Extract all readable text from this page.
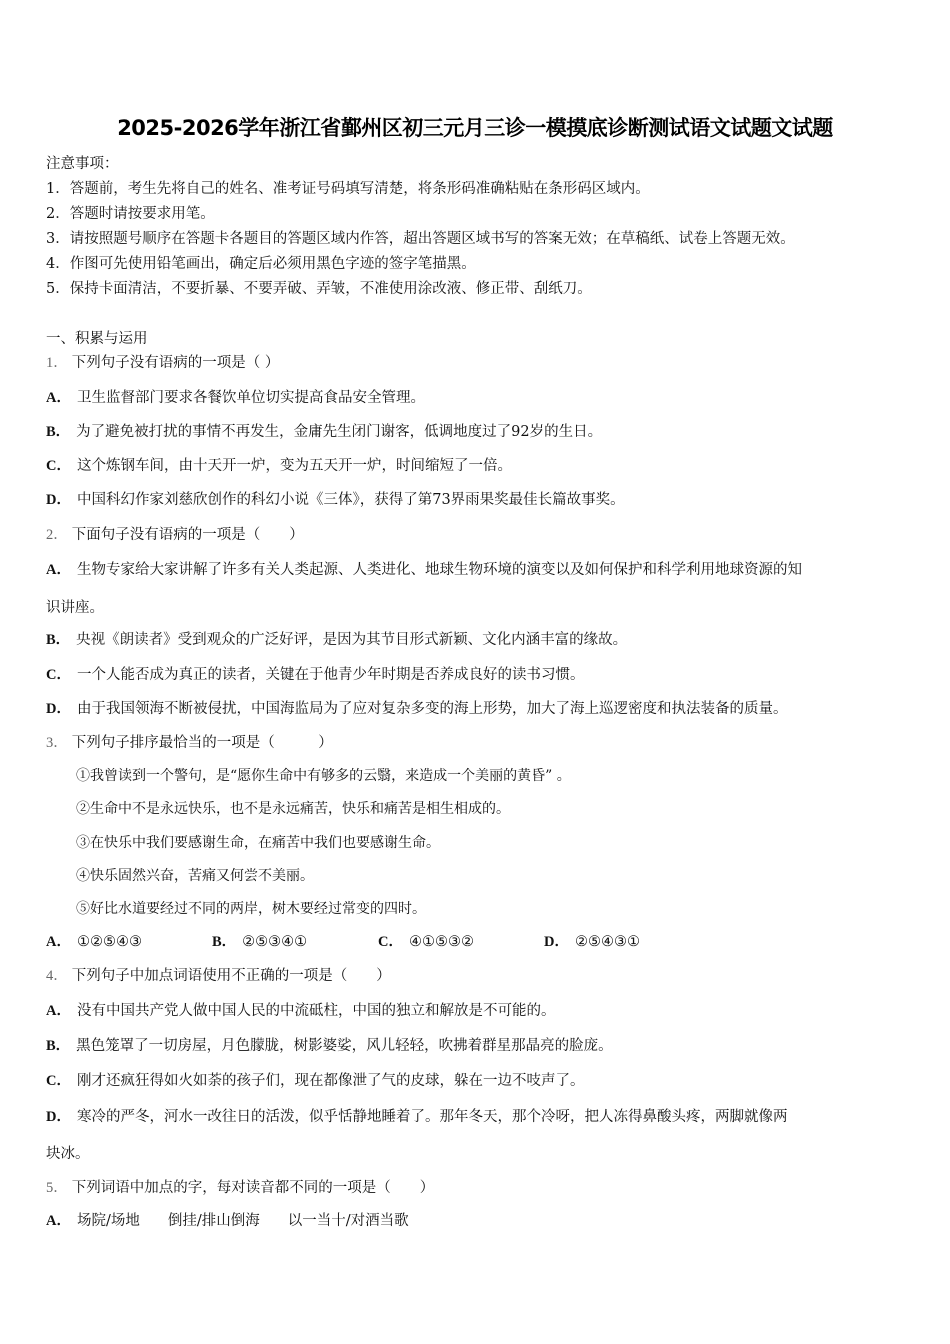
2025-2026学年浙江省鄞州区初三元月三诊一模摸底诊断测试语文试题文试题
注意事项：
1．答题前，考生先将自己的姓名、准考证号码填写清楚，将条形码准确粘贴在条形码区域内。
2．答题时请按要求用笔。
3．请按照题号顺序在答题卡各题目的答题区域内作答，超出答题区域书写的答案无效；在草稿纸、试卷上答题无效。
4．作图可先使用铅笔画出，确定后必须用黑色字迹的签字笔描黑。
5．保持卡面清洁，不要折暴、不要弄破、弄皱，不准使用涂改液、修正带、刮纸刀。
一、积累与运用
1． 下列句子没有语病的一项是（ ）
A． 卫生监督部门要求各餐饮单位切实提高食品安全管理。
B． 为了避免被打扰的事情不再发生，金庸先生闭门谢客，低调地度过了92岁的生日。
C． 这个炼钢车间，由十天开一炉，变为五天开一炉，时间缩短了一倍。
D． 中国科幻作家刘慈欣创作的科幻小说《三体》，获得了第73界雨果奖最佳长篇故事奖。
2． 下面句子没有语病的一项是（　　）
A． 生物专家给大家讲解了许多有关人类起源、人类进化、地球生物环境的演变以及如何保护和科学利用地球资源的知
识讲座。
B． 央视《朗读者》受到观众的广泛好评，是因为其节目形式新颖、文化内涵丰富的缘故。
C． 一个人能否成为真正的读者，关键在于他青少年时期是否养成良好的读书习惯。
D． 由于我国领海不断被侵扰，中国海监局为了应对复杂多变的海上形势，加大了海上巡逻密度和执法装备的质量。
3． 下列句子排序最恰当的一项是（　　　）
①我曾读到一个警句，是“愿你生命中有够多的云翳，来造成一个美丽的黄昏” 。
②生命中不是永远快乐，也不是永远痛苦，快乐和痛苦是相生相成的。
③在快乐中我们要感谢生命，在痛苦中我们也要感谢生命。
④快乐固然兴奋，苦痛又何尝不美丽。
⑤好比水道要经过不同的两岸，树木要经过常变的四时。
A． ①②⑤④③	B． ②⑤③④①	C． ④①⑤③②	D． ②⑤④③①
4． 下列句子中加点词语使用不正确的一项是（　　）
A． 没有中国共产党人做中国人民的中流砥柱，中国的独立和解放是不可能的。
B． 黑色笼罩了一切房屋，月色朦胧，树影婆娑，风儿轻轻，吹拂着群星那晶亮的脸庞。
C． 刚才还疯狂得如火如荼的孩子们，现在都像泄了气的皮球，躲在一边不吱声了。
D． 寒冷的严冬，河水一改往日的活泼，似乎恬静地睡着了。那年冬天，那个冷呀，把人冻得鼻酸头疼，两脚就像两
块冰。
5． 下列词语中加点的字，每对读音都不同的一项是（　　）
A． 场院/场地 倒挂/排山倒海 以一当十/对酒当歌
